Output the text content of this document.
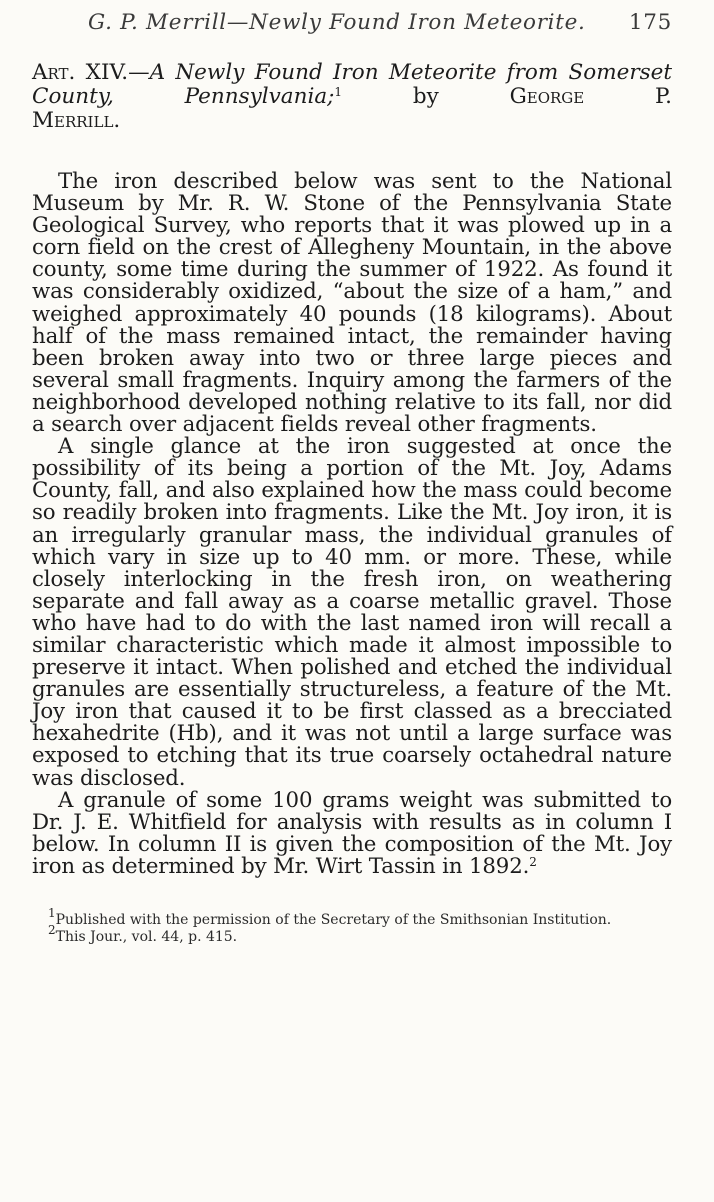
G. P. Merrill—Newly Found Iron Meteorite. 175
Art. XIV.—A Newly Found Iron Meteorite from Somerset County, Pennsylvania;$^1$ by George P.
Merrill.

The iron described below was sent to the National Museum by Mr. R. W. Stone of the Pennsylvania State Geological Survey, who reports that it was plowed up in a corn field on the crest of Allegheny Mountain, in the above county, some time during the summer of 1922. As found it was considerably oxidized, “about the size of a ham,” and weighed approximately 40 pounds (18 kilograms). About half of the mass remained intact, the remainder having been broken away into two or three large pieces and several small fragments. Inquiry among the farmers of the neighborhood developed nothing relative to its fall, nor did a search over adjacent fields reveal other fragments.

A single glance at the iron suggested at once the possibility of its being a portion of the Mt. Joy, Adams County, fall, and also explained how the mass could become so readily broken into fragments. Like the Mt. Joy iron, it is an irregularly granular mass, the individual granules of which vary in size up to 40 mm. or more. These, while closely interlocking in the fresh iron, on weathering separate and fall away as a coarse metallic gravel. Those who have had to do with the last named iron will recall a similar characteristic which made it almost impossible to preserve it intact. When polished and etched the individual granules are essentially structureless, a feature of the Mt. Joy iron that caused it to be first classed as a brecciated hexahedrite (Hb), and it was not until a large surface was exposed to etching that its true coarsely octahedral nature was disclosed.

A granule of some 100 grams weight was submitted to Dr. J. E. Whitfield for analysis with results as in column I below. In column II is given the composition of the Mt. Joy iron as determined by Mr. Wirt Tassin in 1892.$^2$

$^1$Published with the permission of the Secretary of the Smithsonian Institution.

$^2$This Jour., vol. 44, p. 415.
